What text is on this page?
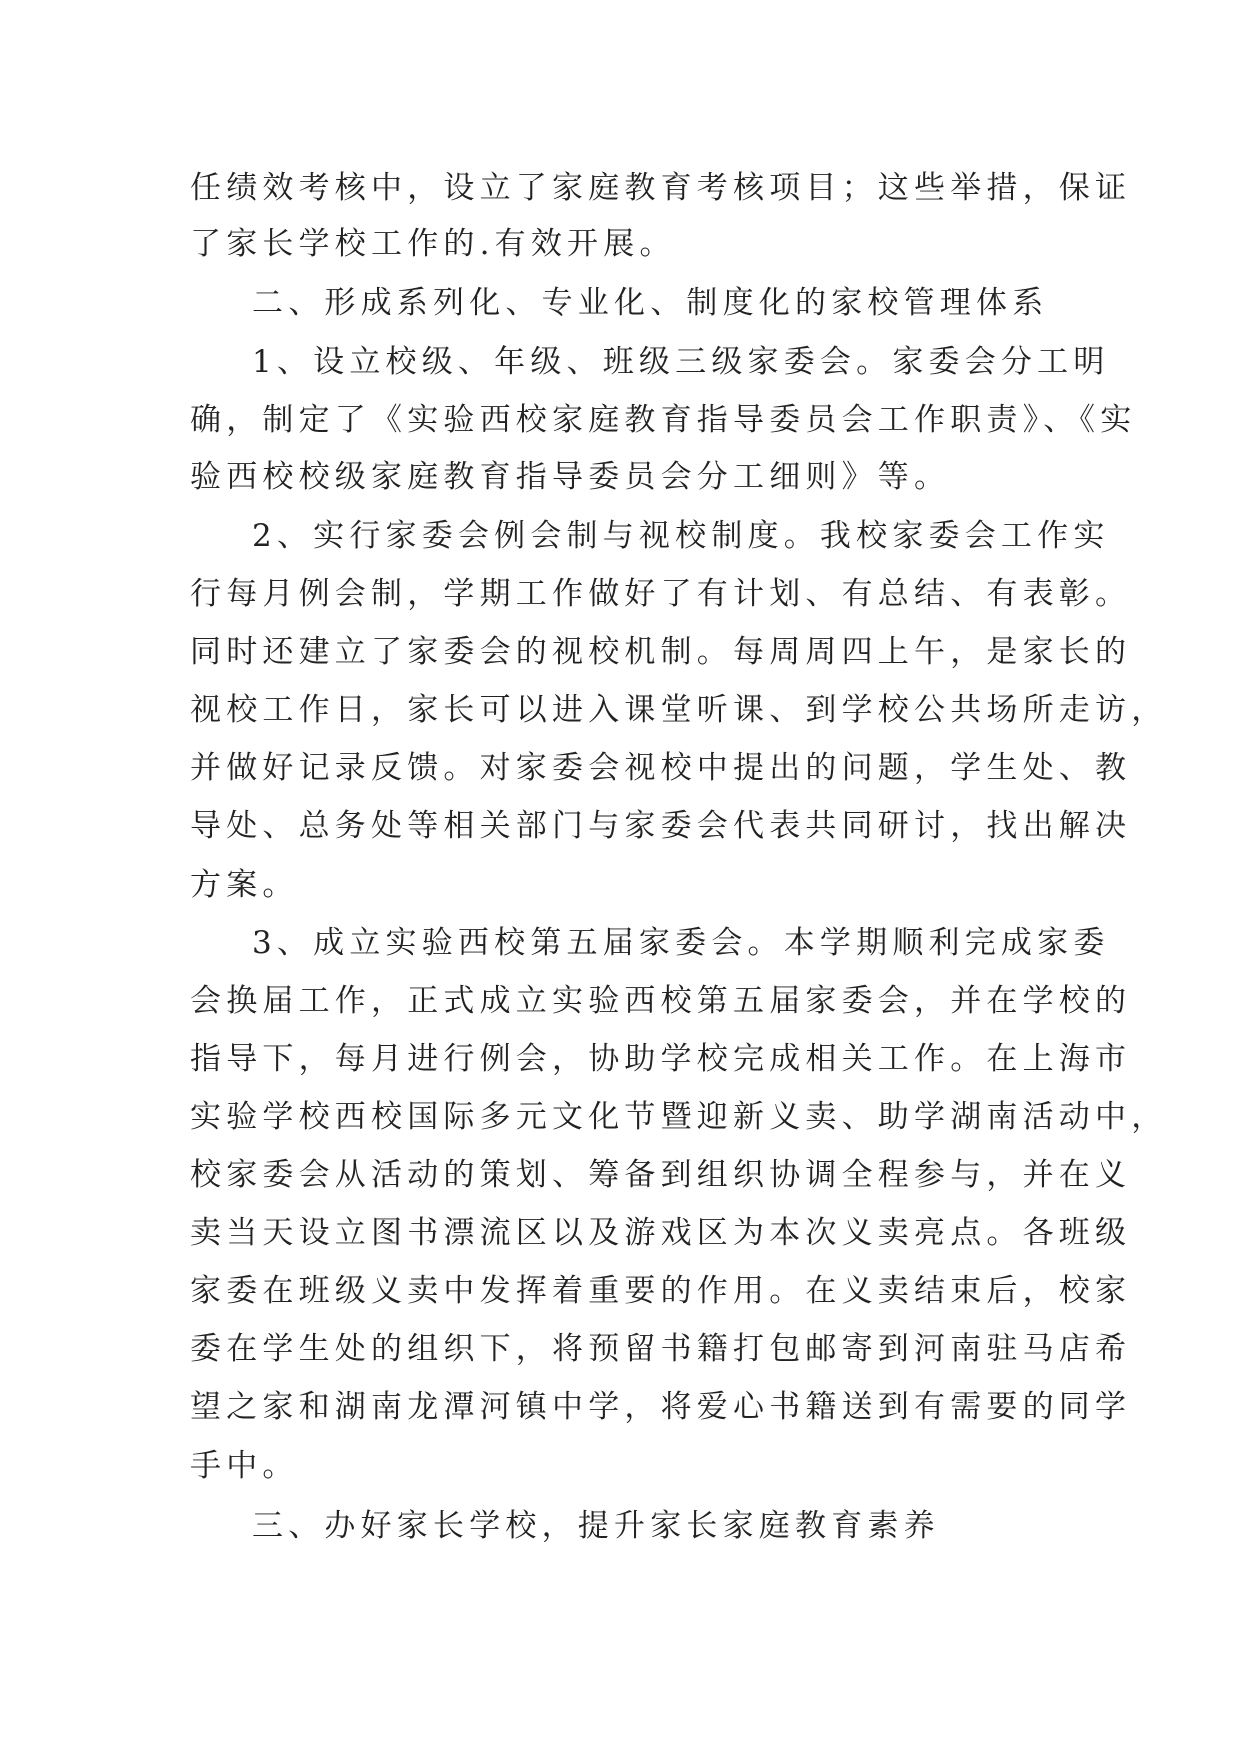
任绩效考核中，设立了家庭教育考核项目；这些举措，保证
了家长学校工作的.有效开展。
二、形成系列化、专业化、制度化的家校管理体系
1、设立校级、年级、班级三级家委会。家委会分工明
确，制定了《实验西校家庭教育指导委员会工作职责》、《实
验西校校级家庭教育指导委员会分工细则》等。
2、实行家委会例会制与视校制度。我校家委会工作实
行每月例会制，学期工作做好了有计划、有总结、有表彰。
同时还建立了家委会的视校机制。每周周四上午，是家长的
视校工作日，家长可以进入课堂听课、到学校公共场所走访，
并做好记录反馈。对家委会视校中提出的问题，学生处、教
导处、总务处等相关部门与家委会代表共同研讨，找出解决
方案。
3、成立实验西校第五届家委会。本学期顺利完成家委
会换届工作，正式成立实验西校第五届家委会，并在学校的
指导下，每月进行例会，协助学校完成相关工作。在上海市
实验学校西校国际多元文化节暨迎新义卖、助学湖南活动中，
校家委会从活动的策划、筹备到组织协调全程参与，并在义
卖当天设立图书漂流区以及游戏区为本次义卖亮点。各班级
家委在班级义卖中发挥着重要的作用。在义卖结束后，校家
委在学生处的组织下，将预留书籍打包邮寄到河南驻马店希
望之家和湖南龙潭河镇中学，将爱心书籍送到有需要的同学
手中。
三、办好家长学校，提升家长家庭教育素养
